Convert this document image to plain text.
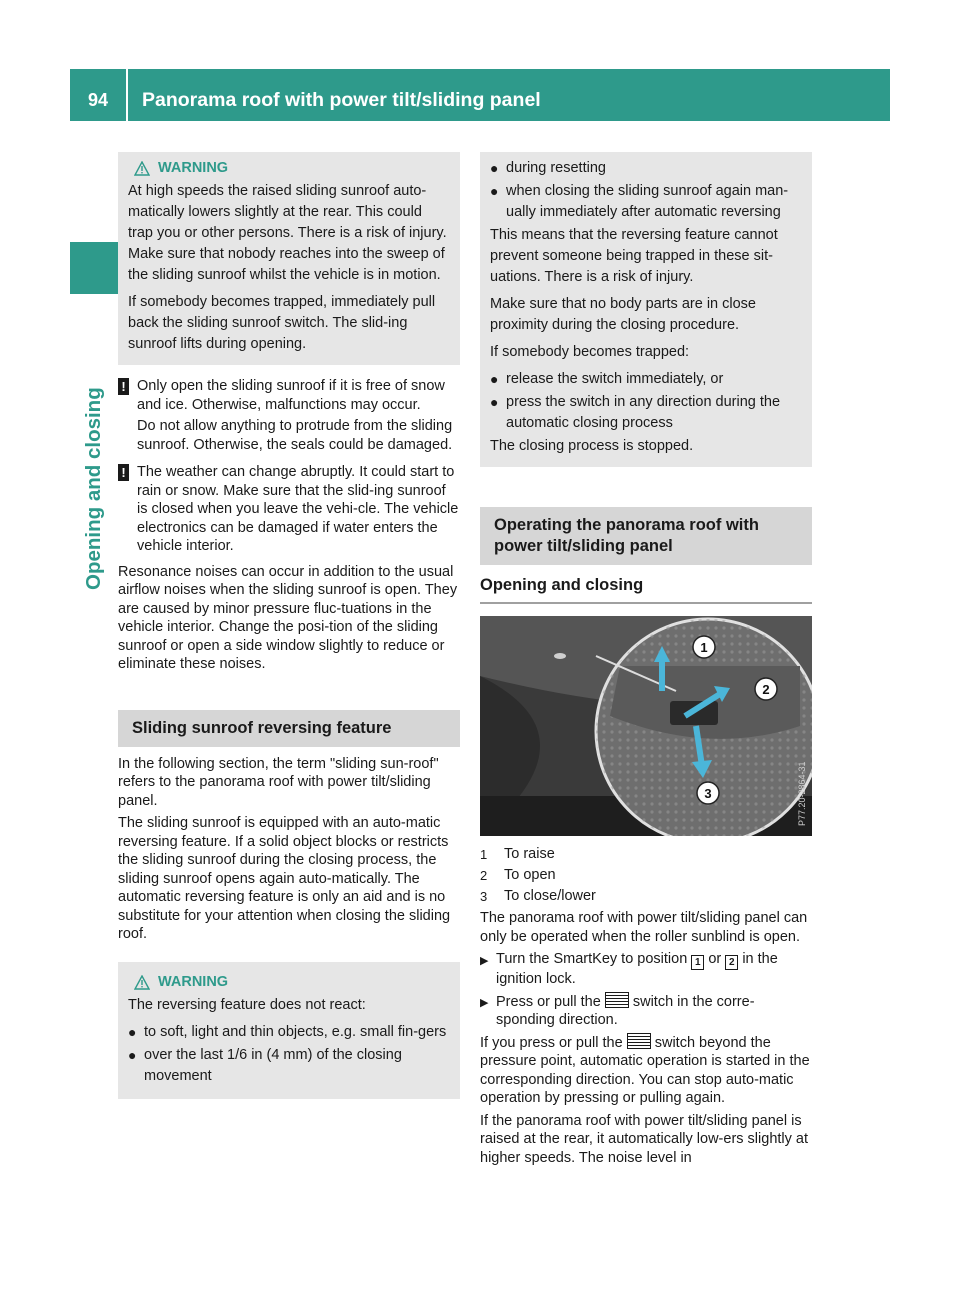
94	Panorama roof with power tilt/sliding panel
Opening and closing
WARNING

At high speeds the raised sliding sunroof auto-matically lowers slightly at the rear. This could trap you or other persons. There is a risk of injury. Make sure that nobody reaches into the sweep of the sliding sunroof whilst the vehicle is in motion.

If somebody becomes trapped, immediately pull back the sliding sunroof switch. The slid-ing sunroof lifts during opening.

! Only open the sliding sunroof if it is free of snow and ice. Otherwise, malfunctions may occur.

Do not allow anything to protrude from the sliding sunroof. Otherwise, the seals could be damaged.

! The weather can change abruptly. It could start to rain or snow. Make sure that the slid-ing sunroof is closed when you leave the vehi-cle. The vehicle electronics can be damaged if water enters the vehicle interior.

Resonance noises can occur in addition to the usual airflow noises when the sliding sunroof is open. They are caused by minor pressure fluc-tuations in the vehicle interior. Change the posi-tion of the sliding sunroof or open a side window slightly to reduce or eliminate these noises.

Sliding sunroof reversing feature

In the following section, the term "sliding sun-roof" refers to the panorama roof with power tilt/sliding panel.

The sliding sunroof is equipped with an auto-matic reversing feature. If a solid object blocks or restricts the sliding sunroof during the closing process, the sliding sunroof opens again auto-matically. The automatic reversing feature is only an aid and is no substitute for your attention when closing the sliding roof.

WARNING

The reversing feature does not react:

● to soft, light and thin objects, e.g. small fin-gers
● over the last 1/6 in (4 mm) of the closing movement
● during resetting
● when closing the sliding sunroof again man-ually immediately after automatic reversing

This means that the reversing feature cannot prevent someone being trapped in these sit-uations. There is a risk of injury.

Make sure that no body parts are in close proximity during the closing procedure.

If somebody becomes trapped:

● release the switch immediately, or
● press the switch in any direction during the automatic closing process

The closing process is stopped.

Operating the panorama roof with power tilt/sliding panel
Opening and closing
1
2
3	P77.20-2864-31
1	To raise
2	To open
3	To close/lower

The panorama roof with power tilt/sliding panel can only be operated when the roller sunblind is open.

▶ Turn the SmartKey to position 1 or 2 in the ignition lock.
▶ Press or pull the switch in the corre-sponding direction.

If you press or pull the switch beyond the pressure point, automatic operation is started in the corresponding direction. You can stop auto-matic operation by pressing or pulling again.

If the panorama roof with power tilt/sliding panel is raised at the rear, it automatically low-ers slightly at higher speeds. The noise level in
